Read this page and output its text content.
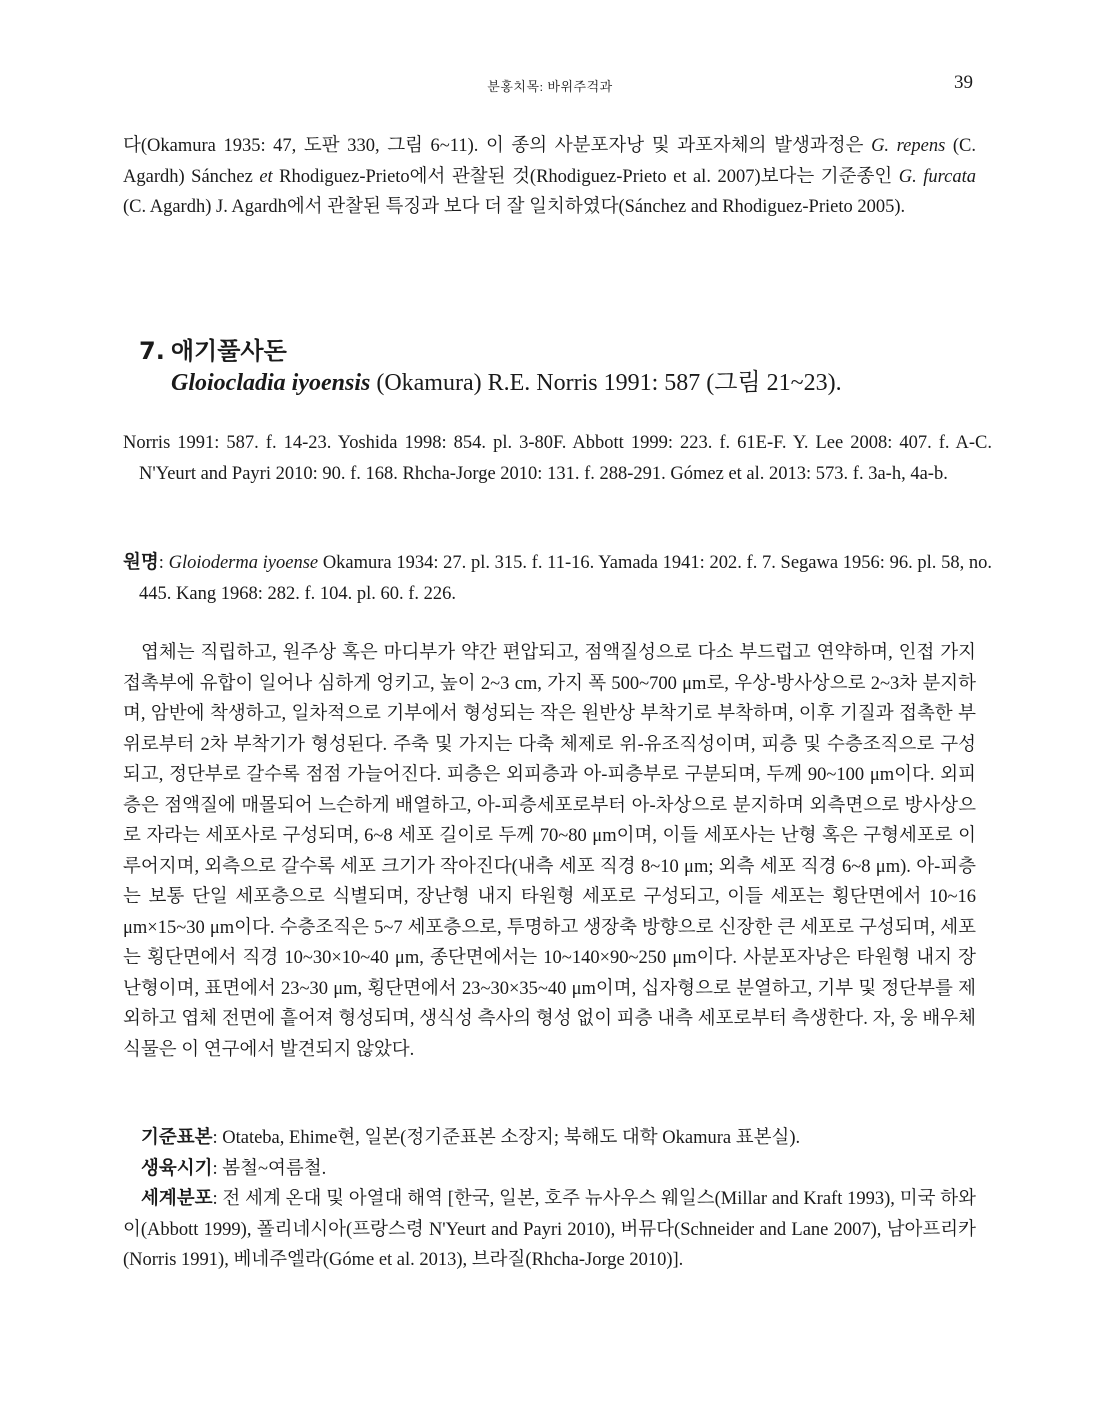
분홍치목: 바위주걱과	39

다(Okamura 1935: 47, 도판 330, 그림 6~11). 이 종의 사분포자낭 및 과포자체의 발생과정은 G. repens (C. Agardh) Sánchez et Rhodiguez-Prieto에서 관찰된 것(Rhodiguez-Prieto et al. 2007)보다는 기준종인 G. furcata (C. Agardh) J. Agardh에서 관찰된 특징과 보다 더 잘 일치하였다(Sánchez and Rhodiguez-Prieto 2005).

7. 애기풀사돈
Gloiocladia iyoensis (Okamura) R.E. Norris 1991: 587 (그림 21~23).

Norris 1991: 587. f. 14-23. Yoshida 1998: 854. pl. 3-80F. Abbott 1999: 223. f. 61E-F. Y. Lee 2008: 407. f. A-C. N'Yeurt and Payri 2010: 90. f. 168. Rhcha-Jorge 2010: 131. f. 288-291. Gómez et al. 2013: 573. f. 3a-h, 4a-b.

원명: Gloioderma iyoense Okamura 1934: 27. pl. 315. f. 11-16. Yamada 1941: 202. f. 7. Segawa 1956: 96. pl. 58, no. 445. Kang 1968: 282. f. 104. pl. 60. f. 226.

엽체는 직립하고, 원주상 혹은 마디부가 약간 편압되고, 점액질성으로 다소 부드럽고 연약하며, 인접 가지 접촉부에 유합이 일어나 심하게 엉키고, 높이 2~3 cm, 가지 폭 500~700 μm로, 우상-방사상으로 2~3차 분지하며, 암반에 착생하고, 일차적으로 기부에서 형성되는 작은 원반상 부착기로 부착하며, 이후 기질과 접촉한 부위로부터 2차 부착기가 형성된다. 주축 및 가지는 다축 체제로 위-유조직성이며, 피층 및 수층조직으로 구성되고, 정단부로 갈수록 점점 가늘어진다. 피층은 외피층과 아-피층부로 구분되며, 두께 90~100 μm이다. 외피층은 점액질에 매몰되어 느슨하게 배열하고, 아-피층세포로부터 아-차상으로 분지하며 외측면으로 방사상으로 자라는 세포사로 구성되며, 6~8 세포 길이로 두께 70~80 μm이며, 이들 세포사는 난형 혹은 구형세포로 이루어지며, 외측으로 갈수록 세포 크기가 작아진다(내측 세포 직경 8~10 μm; 외측 세포 직경 6~8 μm). 아-피층는 보통 단일 세포층으로 식별되며, 장난형 내지 타원형 세포로 구성되고, 이들 세포는 횡단면에서 10~16 μm×15~30 μm이다. 수층조직은 5~7 세포층으로, 투명하고 생장축 방향으로 신장한 큰 세포로 구성되며, 세포는 횡단면에서 직경 10~30×10~40 μm, 종단면에서는 10~140×90~250 μm이다. 사분포자낭은 타원형 내지 장난형이며, 표면에서 23~30 μm, 횡단면에서 23~30×35~40 μm이며, 십자형으로 분열하고, 기부 및 정단부를 제외하고 엽체 전면에 흩어져 형성되며, 생식성 측사의 형성 없이 피층 내측 세포로부터 측생한다. 자, 웅 배우체 식물은 이 연구에서 발견되지 않았다.

기준표본: Otateba, Ehime현, 일본(정기준표본 소장지; 북해도 대학 Okamura 표본실).
생육시기: 봄철~여름철.
세계분포: 전 세계 온대 및 아열대 해역 [한국, 일본, 호주 뉴사우스 웨일스(Millar and Kraft 1993), 미국 하와이(Abbott 1999), 폴리네시아(프랑스령 N'Yeurt and Payri 2010), 버뮤다(Schneider and Lane 2007), 남아프리카(Norris 1991), 베네주엘라(Góme et al. 2013), 브라질(Rhcha-Jorge 2010)].
